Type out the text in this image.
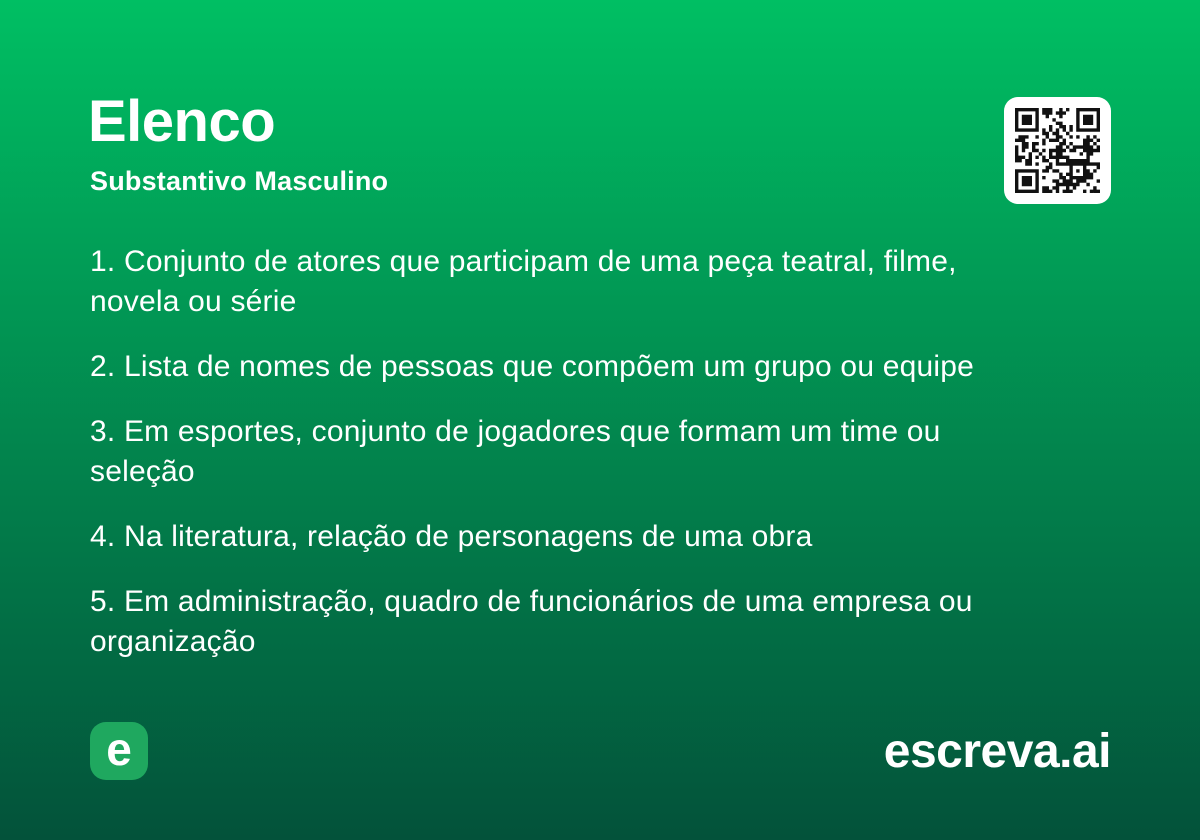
Elenco
Substantivo Masculino

1. Conjunto de atores que participam de uma peça teatral, filme, novela ou série

2. Lista de nomes de pessoas que compõem um grupo ou equipe

3. Em esportes, conjunto de jogadores que formam um time ou seleção

4. Na literatura, relação de personagens de uma obra

5. Em administração, quadro de funcionários de uma empresa ou organização

e	escreva.ai
